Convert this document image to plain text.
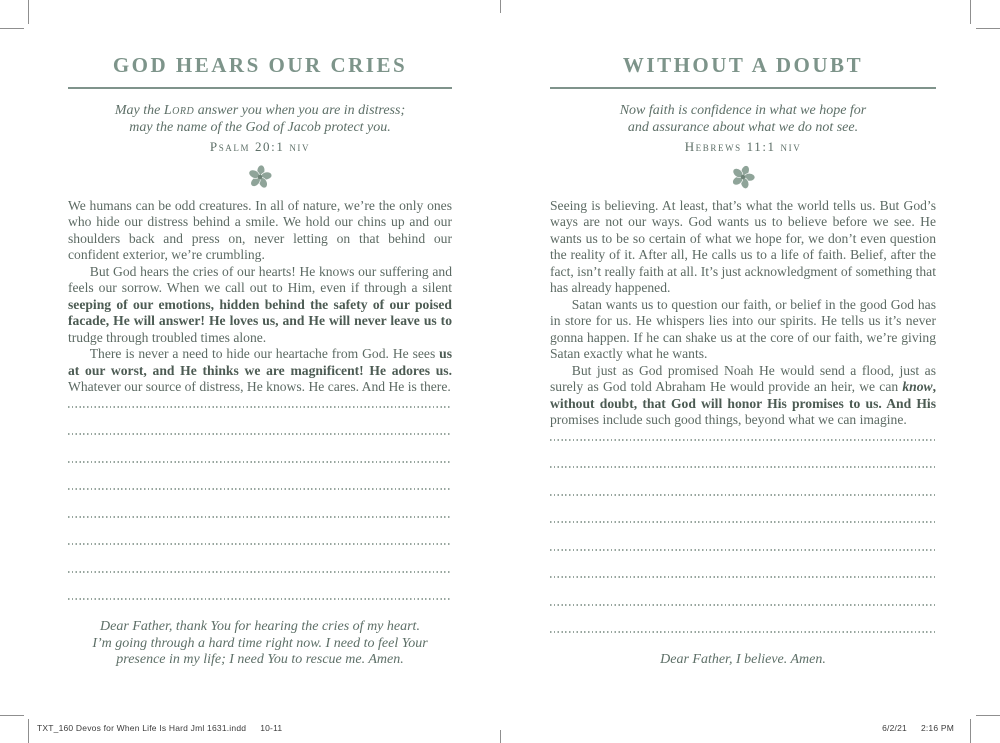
GOD HEARS OUR CRIES
May the Lord answer you when you are in distress;
may the name of the God of Jacob protect you.
Psalm 20:1 niv

We humans can be odd creatures. In all of nature, we’re the only ones who hide our distress behind a smile. We hold our chins up and our shoulders back and press on, never letting on that behind our confident exterior, we’re crumbling.

But God hears the cries of our hearts! He knows our suffering and feels our sorrow. When we call out to Him, even if through a silent seeping of our emotions, hidden behind the safety of our poised facade, He will answer! He loves us, and He will never leave us to trudge through troubled times alone.

There is never a need to hide our heartache from God. He sees us at our worst, and He thinks we are magnificent! He adores us. Whatever our source of distress, He knows. He cares. And He is there.

Dear Father, thank You for hearing the cries of my heart.
I’m going through a hard time right now. I need to feel Your
presence in my life; I need You to rescue me. Amen.
WITHOUT A DOUBT
Now faith is confidence in what we hope for
and assurance about what we do not see.
Hebrews 11:1 niv

Seeing is believing. At least, that’s what the world tells us. But God’s ways are not our ways. God wants us to believe before we see. He wants us to be so certain of what we hope for, we don’t even question the reality of it. After all, He calls us to a life of faith. Belief, after the fact, isn’t really faith at all. It’s just acknowledgment of something that has already happened.

Satan wants us to question our faith, or belief in the good God has in store for us. He whispers lies into our spirits. He tells us it’s never gonna happen. If he can shake us at the core of our faith, we’re giving Satan exactly what he wants.

But just as God promised Noah He would send a flood, just as surely as God told Abraham He would provide an heir, we can know, without doubt, that God will honor His promises to us. And His promises include such good things, beyond what we can imagine.

Dear Father, I believe. Amen.
TXT_160 Devos for When Life Is Hard Jml 1631.indd 10-11	6/2/21 2:16 PM
